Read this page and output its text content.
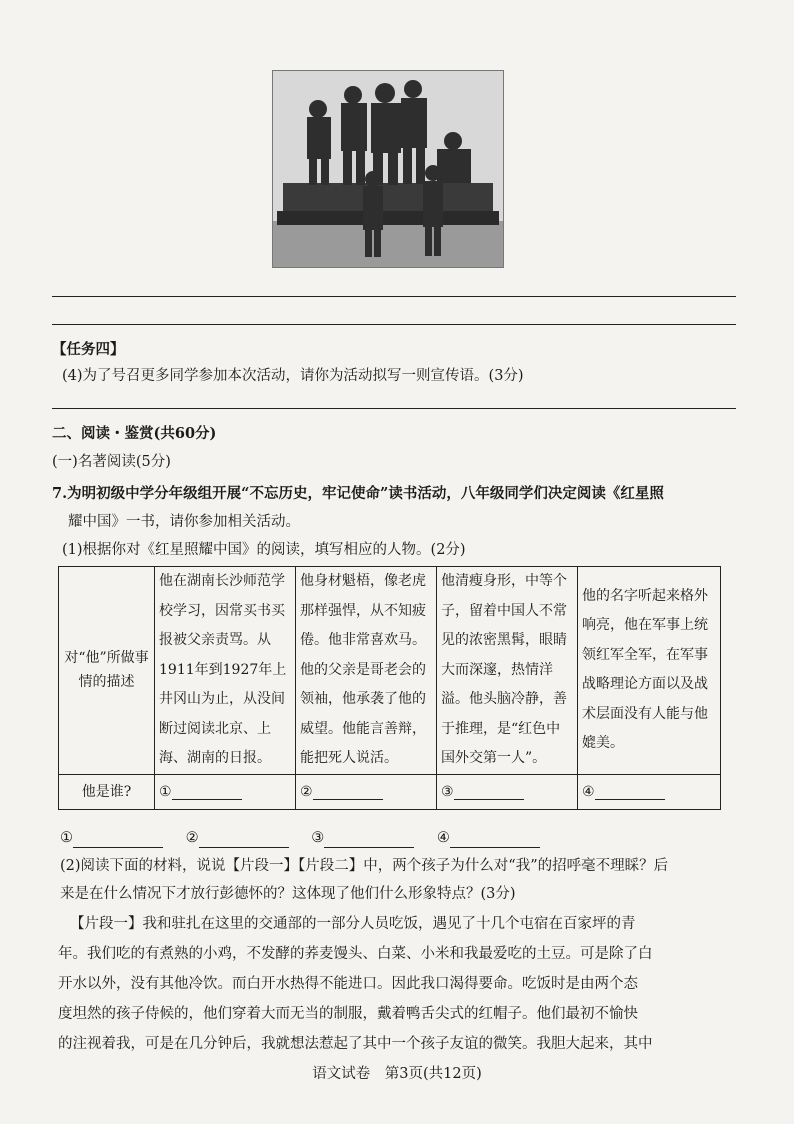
【任务四】
(4)为了号召更多同学参加本次活动，请你为活动拟写一则宣传语。(3分)
二、阅读・鉴赏(共60分)
(一)名著阅读(5分)
7.为明初级中学分年级组开展“不忘历史，牢记使命”读书活动，八年级同学们决定阅读《红星照
耀中国》一书，请你参加相关活动。
(1)根据你对《红星照耀中国》的阅读，填写相应的人物。(2分)
对“他”所做事情的描述	他在湖南长沙师范学校学习，因常买书买报被父亲责骂。从1911年到1927年上井冈山为止，从没间断过阅读北京、上海、湖南的日报。	他身材魁梧，像老虎那样强悍，从不知疲倦。他非常喜欢马。他的父亲是哥老会的领袖，他承袭了他的威望。他能言善辩，能把死人说活。	他清瘦身形，中等个子，留着中国人不常见的浓密黑髯，眼睛大而深邃，热情洋溢。他头脑冷静，善于推理，是“红色中国外交第一人”。	他的名字听起来格外响亮，他在军事上统领红军全军，在军事战略理论方面以及战术层面没有人能与他媲美。
他是谁?	①	②	③	④
①	②	③	④
(2)阅读下面的材料，说说【片段一】【片段二】中，两个孩子为什么对“我”的招呼毫不理睬？后
来是在什么情况下才放行彭德怀的？这体现了他们什么形象特点？(3分)
【片段一】我和驻扎在这里的交通部的一部分人员吃饭，遇见了十几个屯宿在百家坪的青
年。我们吃的有煮熟的小鸡，不发酵的荞麦馒头、白菜、小米和我最爱吃的土豆。可是除了白
开水以外，没有其他冷饮。而白开水热得不能进口。因此我口渴得要命。吃饭时是由两个态
度坦然的孩子侍候的，他们穿着大而无当的制服，戴着鸭舌尖式的红帽子。他们最初不愉快
的注视着我，可是在几分钟后，我就想法惹起了其中一个孩子友谊的微笑。我胆大起来，其中
语文试卷　第3页(共12页)
